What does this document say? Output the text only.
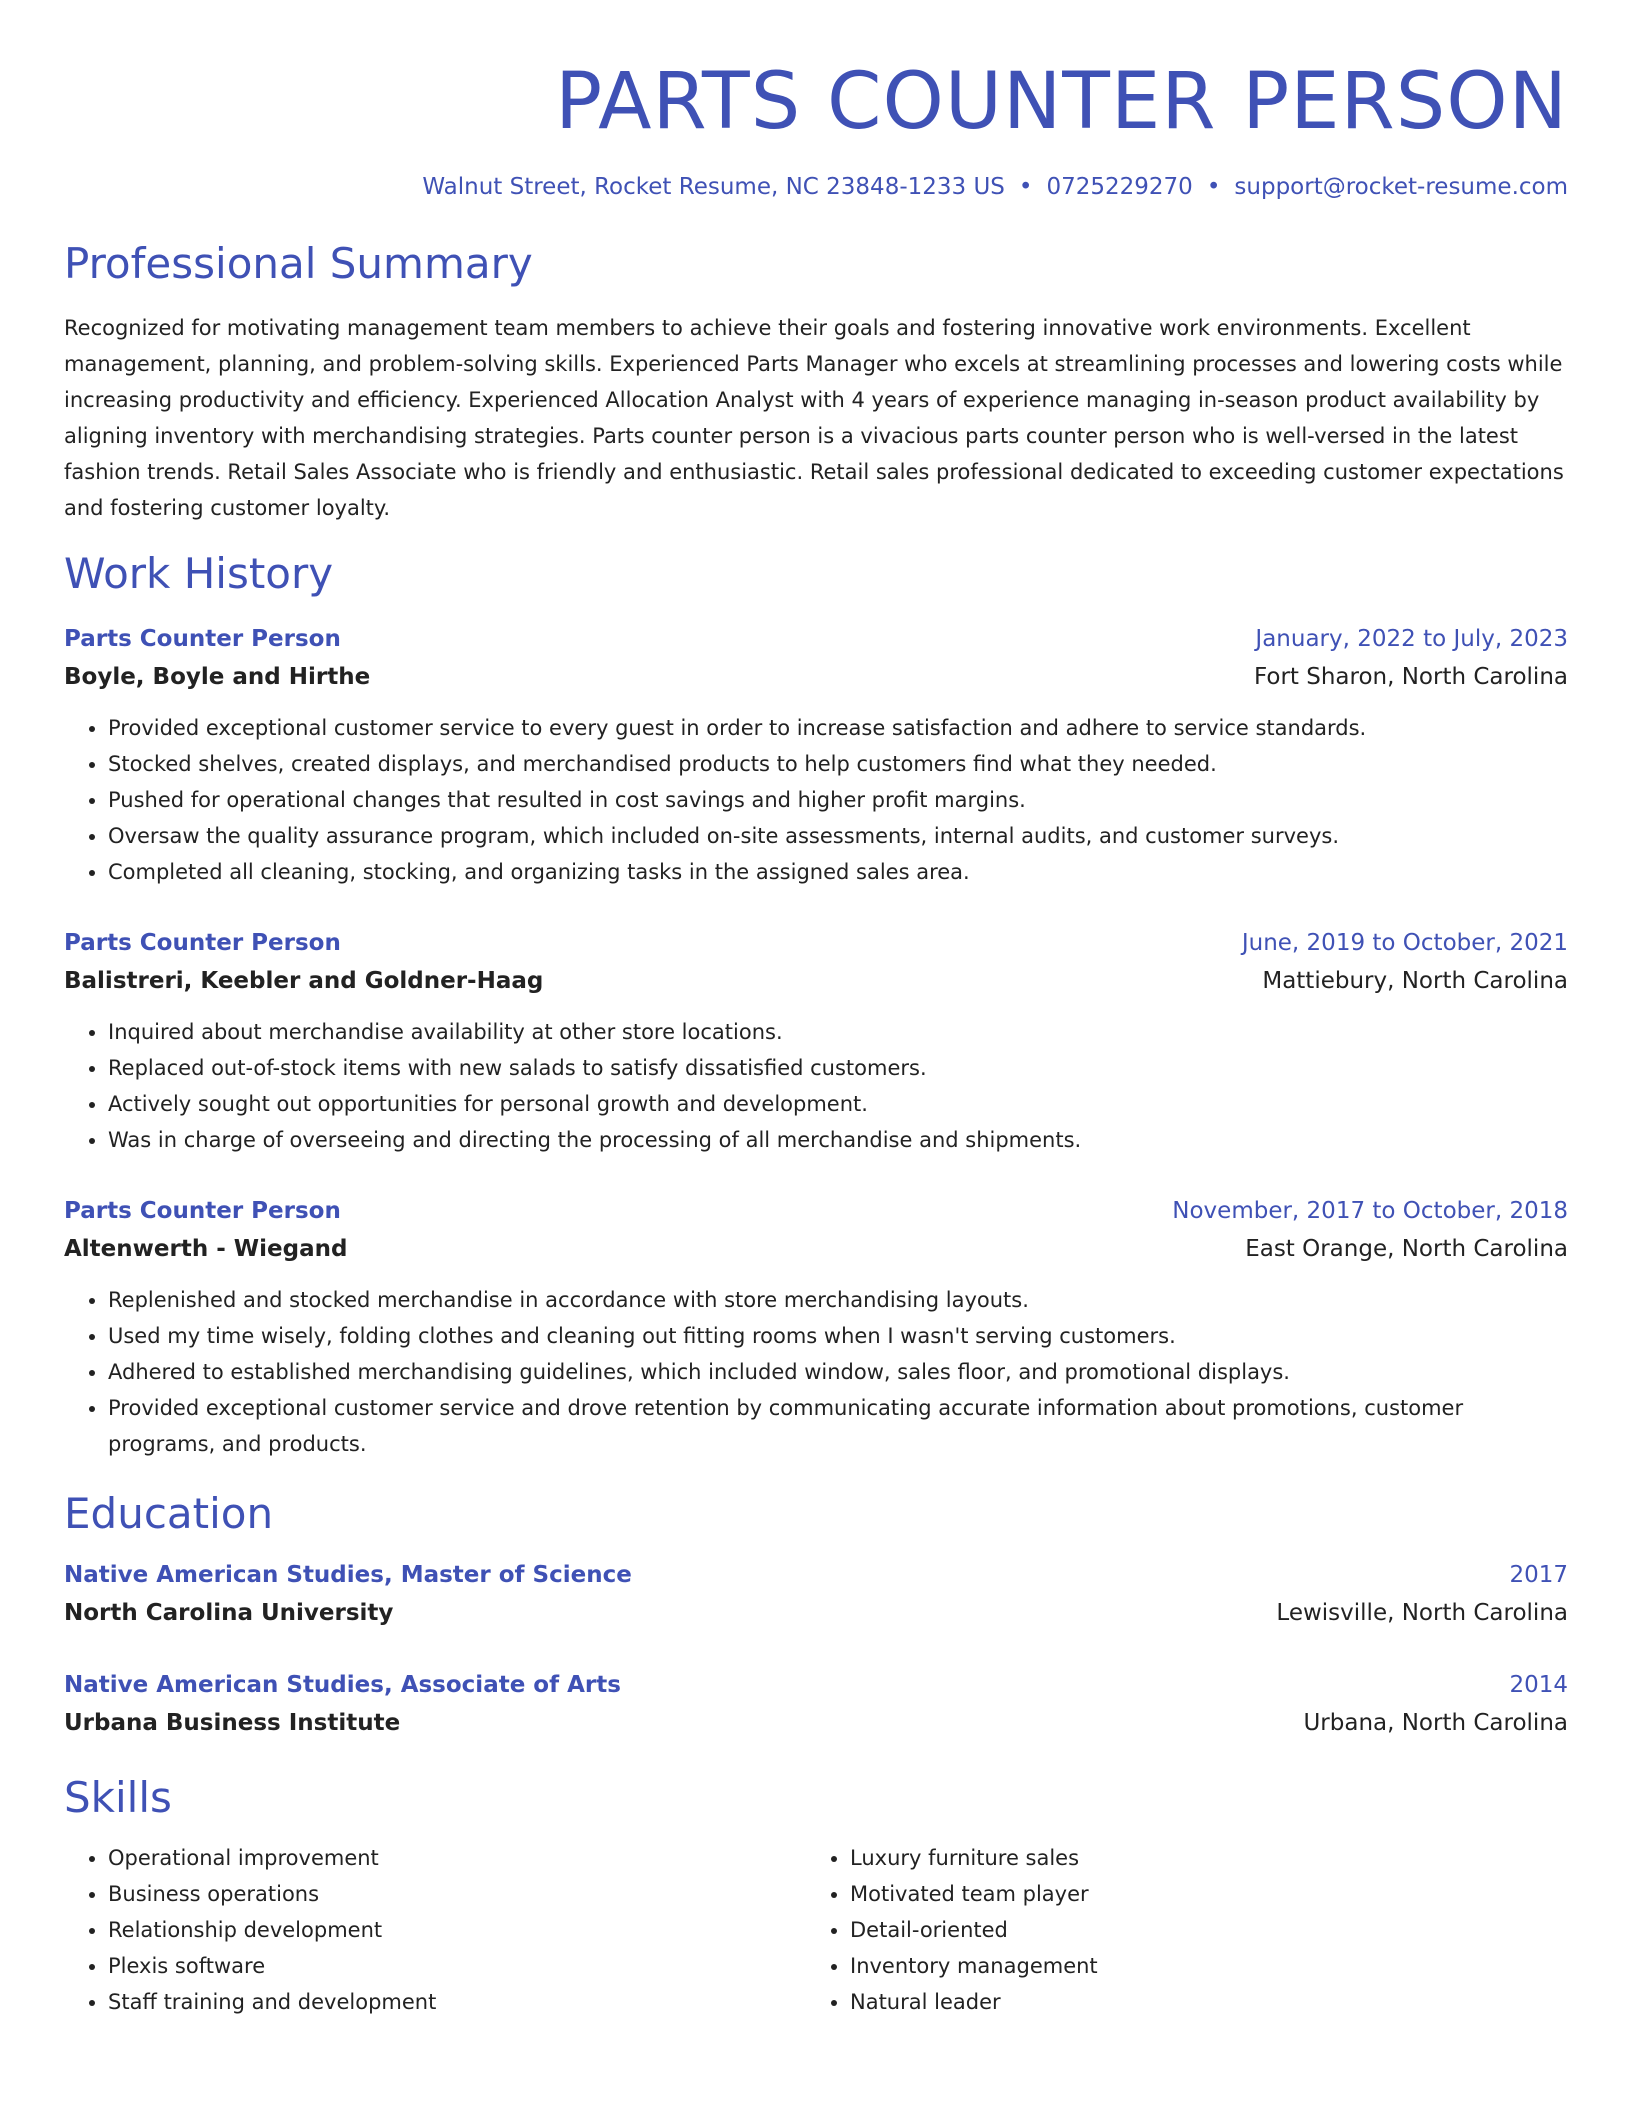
PARTS COUNTER PERSON
Walnut Street, Rocket Resume, NC 23848-1233 US • 0725229270 • support@rocket-resume.com
Professional Summary
Recognized for motivating management team members to achieve their goals and fostering innovative work environments. Excellent management, planning, and problem-solving skills. Experienced Parts Manager who excels at streamlining processes and lowering costs while increasing productivity and efficiency. Experienced Allocation Analyst with 4 years of experience managing in-season product availability by aligning inventory with merchandising strategies. Parts counter person is a vivacious parts counter person who is well-versed in the latest fashion trends. Retail Sales Associate who is friendly and enthusiastic. Retail sales professional dedicated to exceeding customer expectations and fostering customer loyalty.
Work History
Parts Counter Person	January, 2022 to July, 2023
Boyle, Boyle and Hirthe	Fort Sharon, North Carolina
• Provided exceptional customer service to every guest in order to increase satisfaction and adhere to service standards.
• Stocked shelves, created displays, and merchandised products to help customers find what they needed.
• Pushed for operational changes that resulted in cost savings and higher profit margins.
• Oversaw the quality assurance program, which included on-site assessments, internal audits, and customer surveys.
• Completed all cleaning, stocking, and organizing tasks in the assigned sales area.
Parts Counter Person	June, 2019 to October, 2021
Balistreri, Keebler and Goldner-Haag	Mattiebury, North Carolina
• Inquired about merchandise availability at other store locations.
• Replaced out-of-stock items with new salads to satisfy dissatisfied customers.
• Actively sought out opportunities for personal growth and development.
• Was in charge of overseeing and directing the processing of all merchandise and shipments.
Parts Counter Person	November, 2017 to October, 2018
Altenwerth - Wiegand	East Orange, North Carolina
• Replenished and stocked merchandise in accordance with store merchandising layouts.
• Used my time wisely, folding clothes and cleaning out fitting rooms when I wasn't serving customers.
• Adhered to established merchandising guidelines, which included window, sales floor, and promotional displays.
• Provided exceptional customer service and drove retention by communicating accurate information about promotions, customer programs, and products.
Education
Native American Studies, Master of Science	2017
North Carolina University	Lewisville, North Carolina
Native American Studies, Associate of Arts	2014
Urbana Business Institute	Urbana, North Carolina
Skills
• Operational improvement
• Business operations
• Relationship development
• Plexis software
• Staff training and development
• Luxury furniture sales
• Motivated team player
• Detail-oriented
• Inventory management
• Natural leader
